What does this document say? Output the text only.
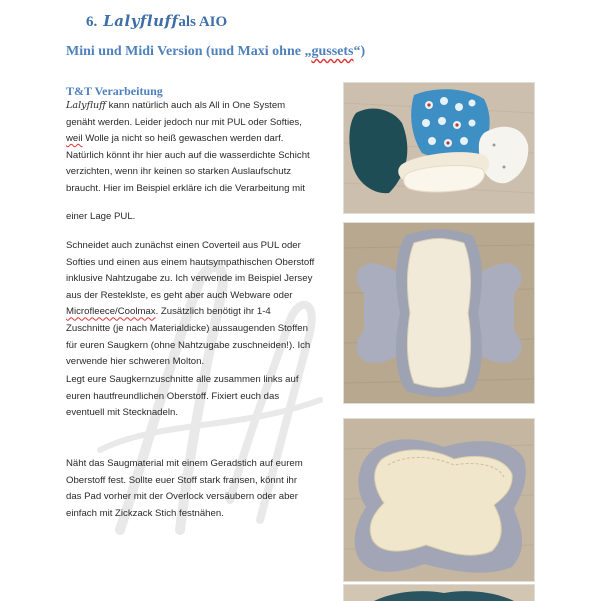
6. Lalyfluffals AIO
Mini und Midi Version (und Maxi ohne „gussets“)
T&T Verarbeitung
Lalyfluff kann natürlich auch als All in One System
genäht werden. Leider jedoch nur mit PUL oder Softies,
weil Wolle ja nicht so heiß gewaschen werden darf.
Natürlich könnt ihr hier auch auf die wasserdichte Schicht
verzichten, wenn ihr keinen so starken Auslaufschutz
braucht. Hier im Beispiel erkläre ich die Verarbeitung mit
einer Lage PUL.
Schneidet auch zunächst einen Coverteil aus PUL oder
Softies und einen aus einem hautsympathischen Oberstoff
inklusive Nahtzugabe zu. Ich verwende im Beispiel Jersey
aus der Resteklste, es geht aber auch Webware oder
Microfleece/Coolmax. Zusätzlich benötigt ihr 1-4
Zuschnitte (je nach Materialdicke) aussaugenden Stoffen
für euren Saugkern (ohne Nahtzugabe zuschneiden!). Ich
verwende hier schweren Molton.
Legt eure Saugkernzuschnitte alle zusammen links auf
euren hautfreundlichen Oberstoff. Fixiert euch das
eventuell mit Stecknadeln.
Näht das Saugmaterial mit einem Geradstich auf eurem
Oberstoff fest. Sollte euer Stoff stark fransen, könnt ihr
das Pad vorher mit der Overlock versäubern oder aber
einfach mit Zickzack Stich festnähen.
